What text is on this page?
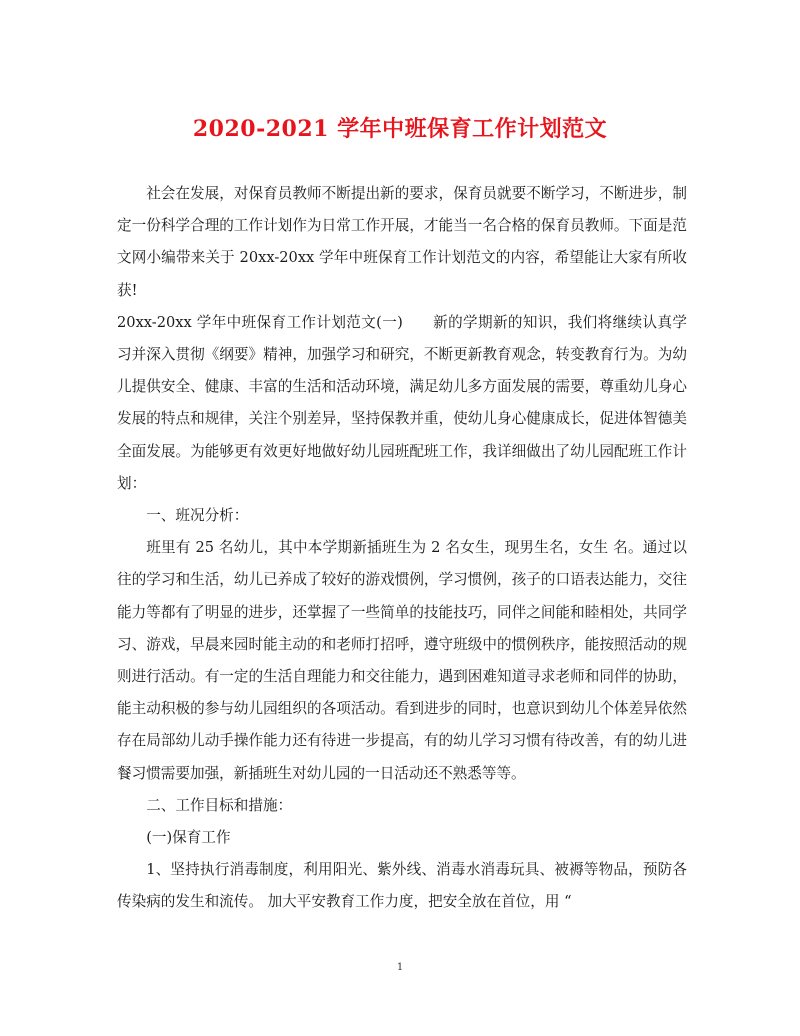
2020-2021 学年中班保育工作计划范文

社会在发展，对保育员教师不断提出新的要求，保育员就要不断学习，不断进步，制定一份科学合理的工作计划作为日常工作开展，才能当一名合格的保育员教师。下面是范文网小编带来关于 20xx-20xx 学年中班保育工作计划范文的内容，希望能让大家有所收获!

20xx-20xx 学年中班保育工作计划范文(一)　　新的学期新的知识，我们将继续认真学习并深入贯彻《纲要》精神，加强学习和研究，不断更新教育观念，转变教育行为。为幼儿提供安全、健康、丰富的生活和活动环境，满足幼儿多方面发展的需要，尊重幼儿身心发展的特点和规律，关注个别差异，坚持保教并重，使幼儿身心健康成长，促进体智德美全面发展。为能够更有效更好地做好幼儿园班配班工作，我详细做出了幼儿园配班工作计划：

一、班况分析：

班里有 25 名幼儿，其中本学期新插班生为 2 名女生，现男生名，女生 名。通过以往的学习和生活，幼儿已养成了较好的游戏惯例，学习惯例，孩子的口语表达能力，交往能力等都有了明显的进步，还掌握了一些简单的技能技巧，同伴之间能和睦相处，共同学习、游戏，早晨来园时能主动的和老师打招呼，遵守班级中的惯例秩序，能按照活动的规则进行活动。有一定的生活自理能力和交往能力，遇到困难知道寻求老师和同伴的协助，能主动积极的参与幼儿园组织的各项活动。看到进步的同时，也意识到幼儿个体差异依然存在局部幼儿动手操作能力还有待进一步提高，有的幼儿学习习惯有待改善，有的幼儿进餐习惯需要加强，新插班生对幼儿园的一日活动还不熟悉等等。

二、工作目标和措施：

(一)保育工作

1、坚持执行消毒制度，利用阳光、紫外线、消毒水消毒玩具、被褥等物品，预防各传染病的发生和流传。 加大平安教育工作力度，把安全放在首位，用 “

1
